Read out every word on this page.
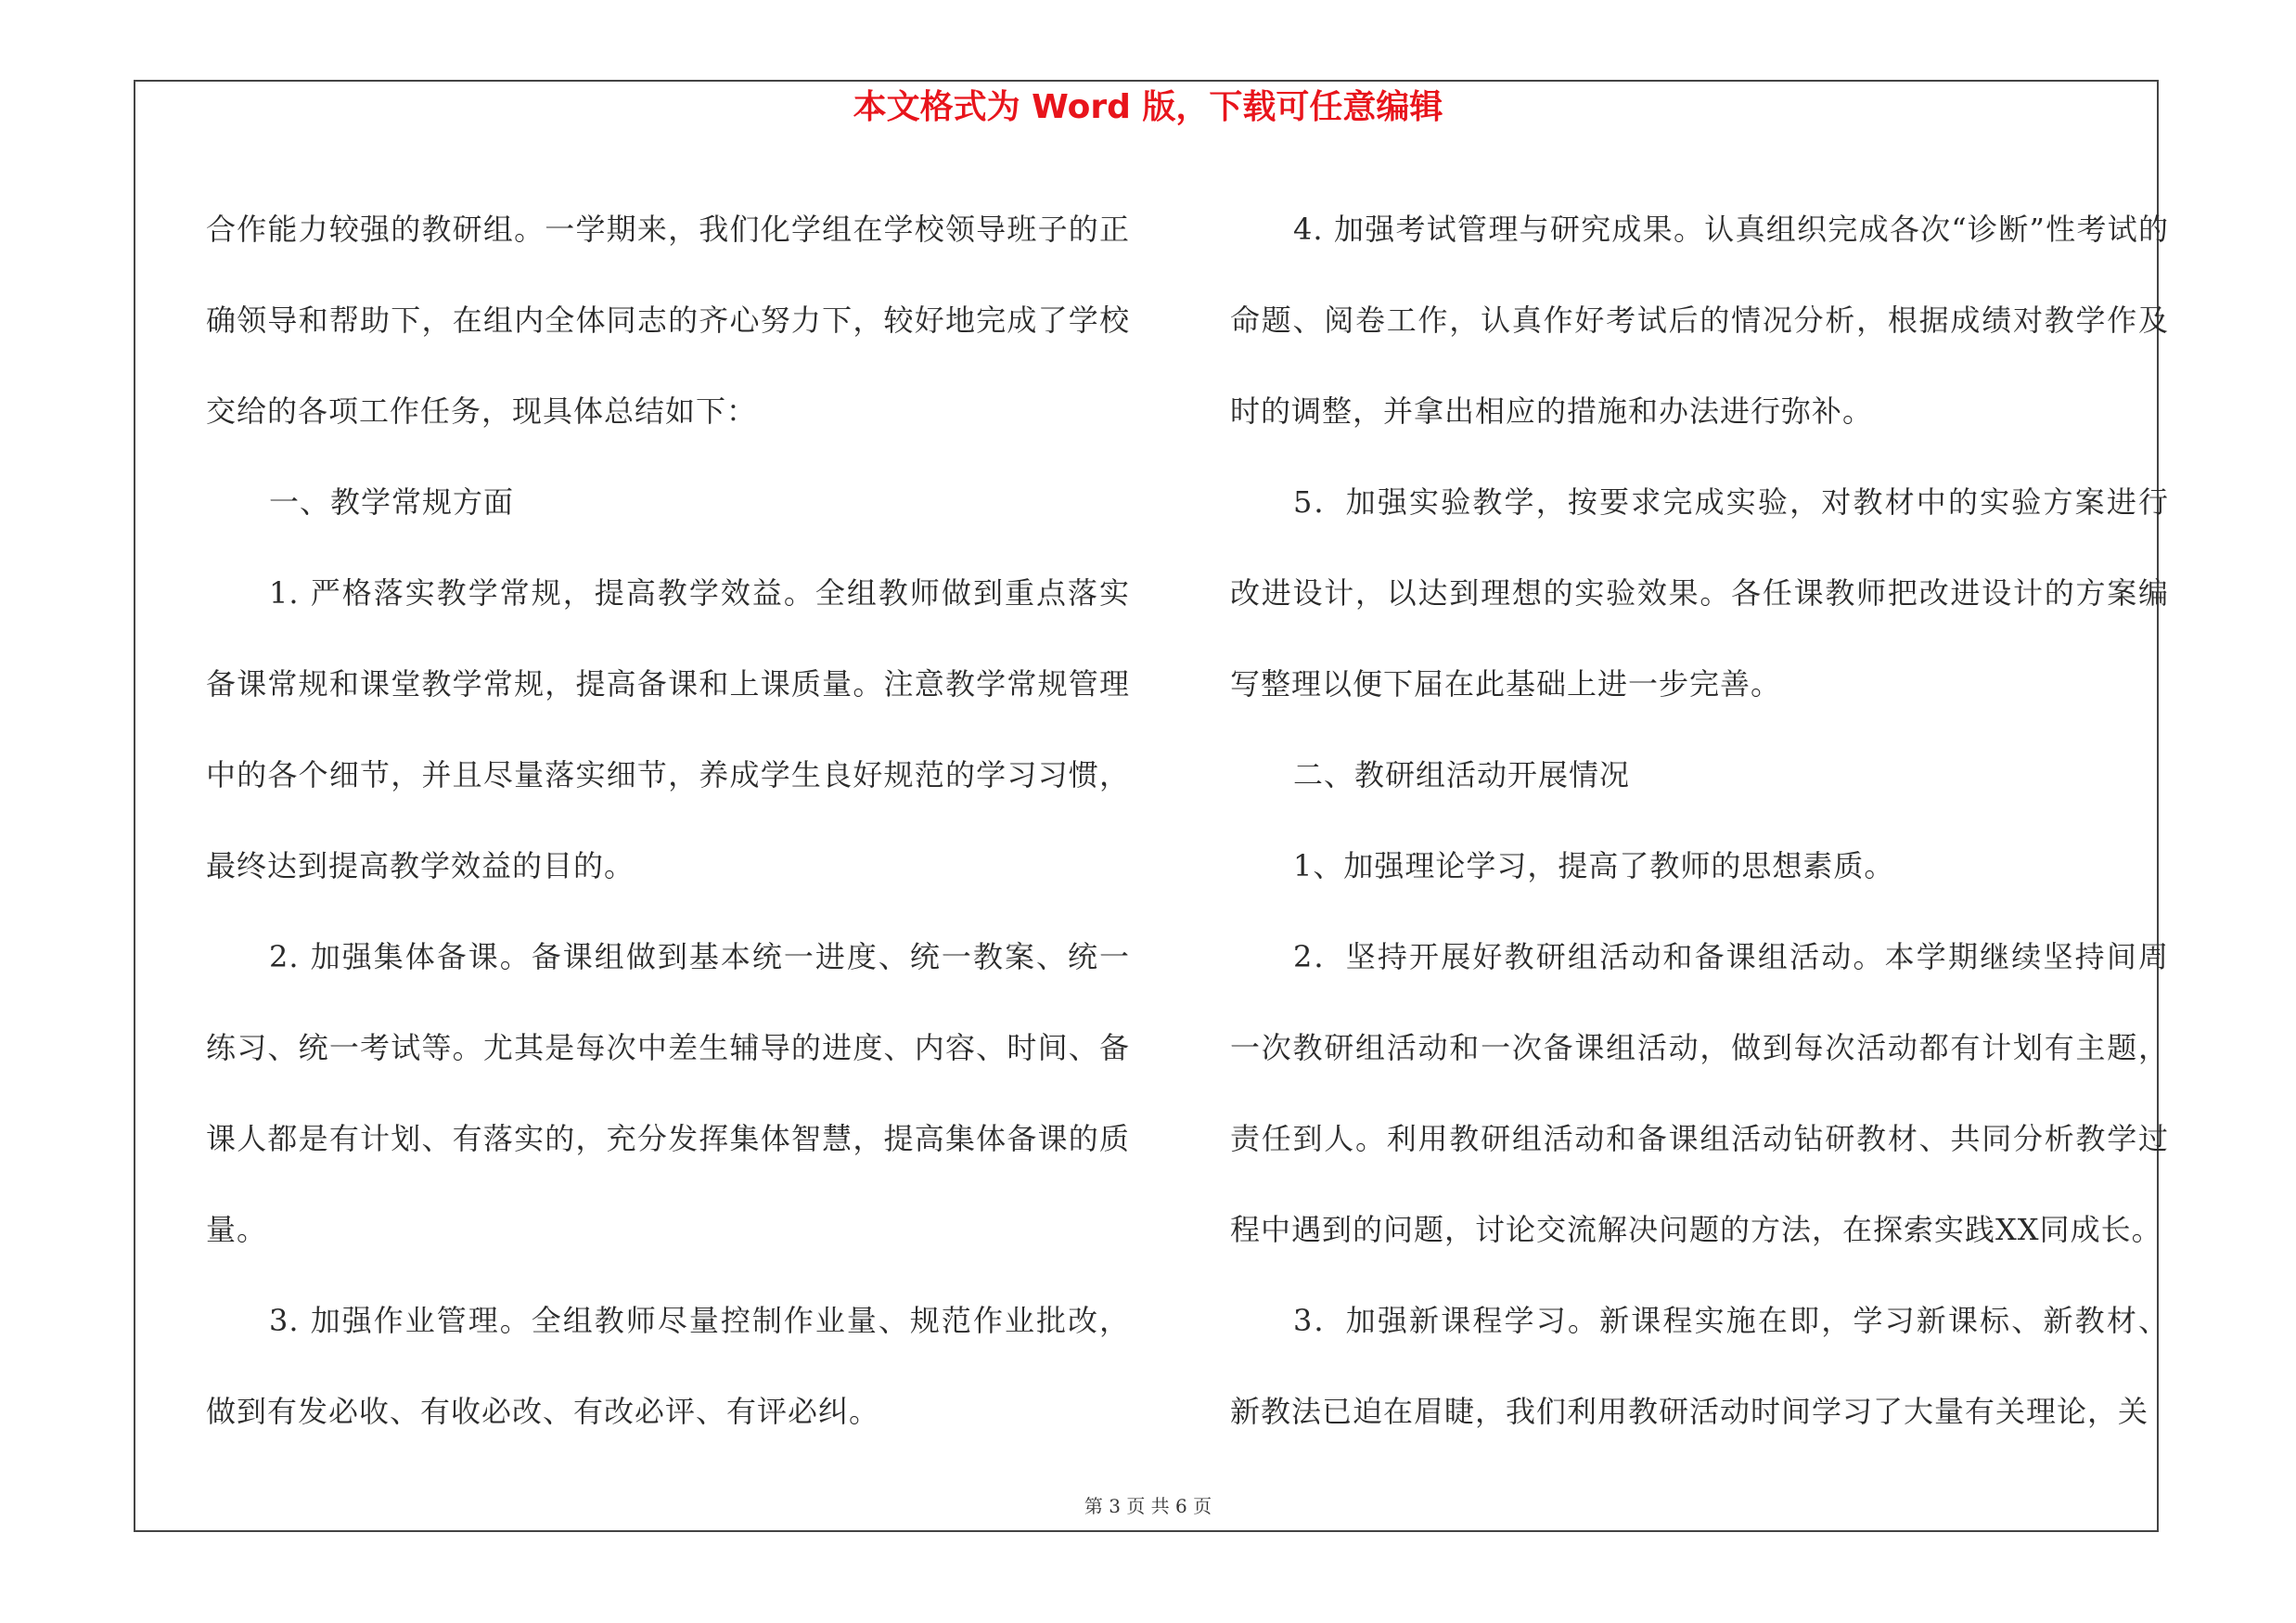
本文格式为 Word 版，下载可任意编辑

合作能力较强的教研组。一学期来，我们化学组在学校领导班子的正确领导和帮助下，在组内全体同志的齐心努力下，较好地完成了学校交给的各项工作任务，现具体总结如下：

一、教学常规方面

1. 严格落实教学常规，提高教学效益。全组教师做到重点落实备课常规和课堂教学常规，提高备课和上课质量。注意教学常规管理中的各个细节，并且尽量落实细节，养成学生良好规范的学习习惯，最终达到提高教学效益的目的。

2. 加强集体备课。备课组做到基本统一进度、统一教案、统一练习、统一考试等。尤其是每次中差生辅导的进度、内容、时间、备课人都是有计划、有落实的，充分发挥集体智慧，提高集体备课的质量。

3. 加强作业管理。全组教师尽量控制作业量、规范作业批改，做到有发必收、有收必改、有改必评、有评必纠。

4. 加强考试管理与研究成果。认真组织完成各次“诊断”性考试的命题、阅卷工作，认真作好考试后的情况分析，根据成绩对教学作及时的调整，并拿出相应的措施和办法进行弥补。

5．加强实验教学，按要求完成实验，对教材中的实验方案进行改进设计，以达到理想的实验效果。各任课教师把改进设计的方案编写整理以便下届在此基础上进一步完善。

二、教研组活动开展情况

1、加强理论学习，提高了教师的思想素质。

2．坚持开展好教研组活动和备课组活动。本学期继续坚持间周一次教研组活动和一次备课组活动，做到每次活动都有计划有主题，责任到人。利用教研组活动和备课组活动钻研教材、共同分析教学过程中遇到的问题，讨论交流解决问题的方法，在探索实践XX同成长。

3．加强新课程学习。新课程实施在即，学习新课标、新教材、新教法已迫在眉睫，我们利用教研活动时间学习了大量有关理论，关

第 3 页 共 6 页
